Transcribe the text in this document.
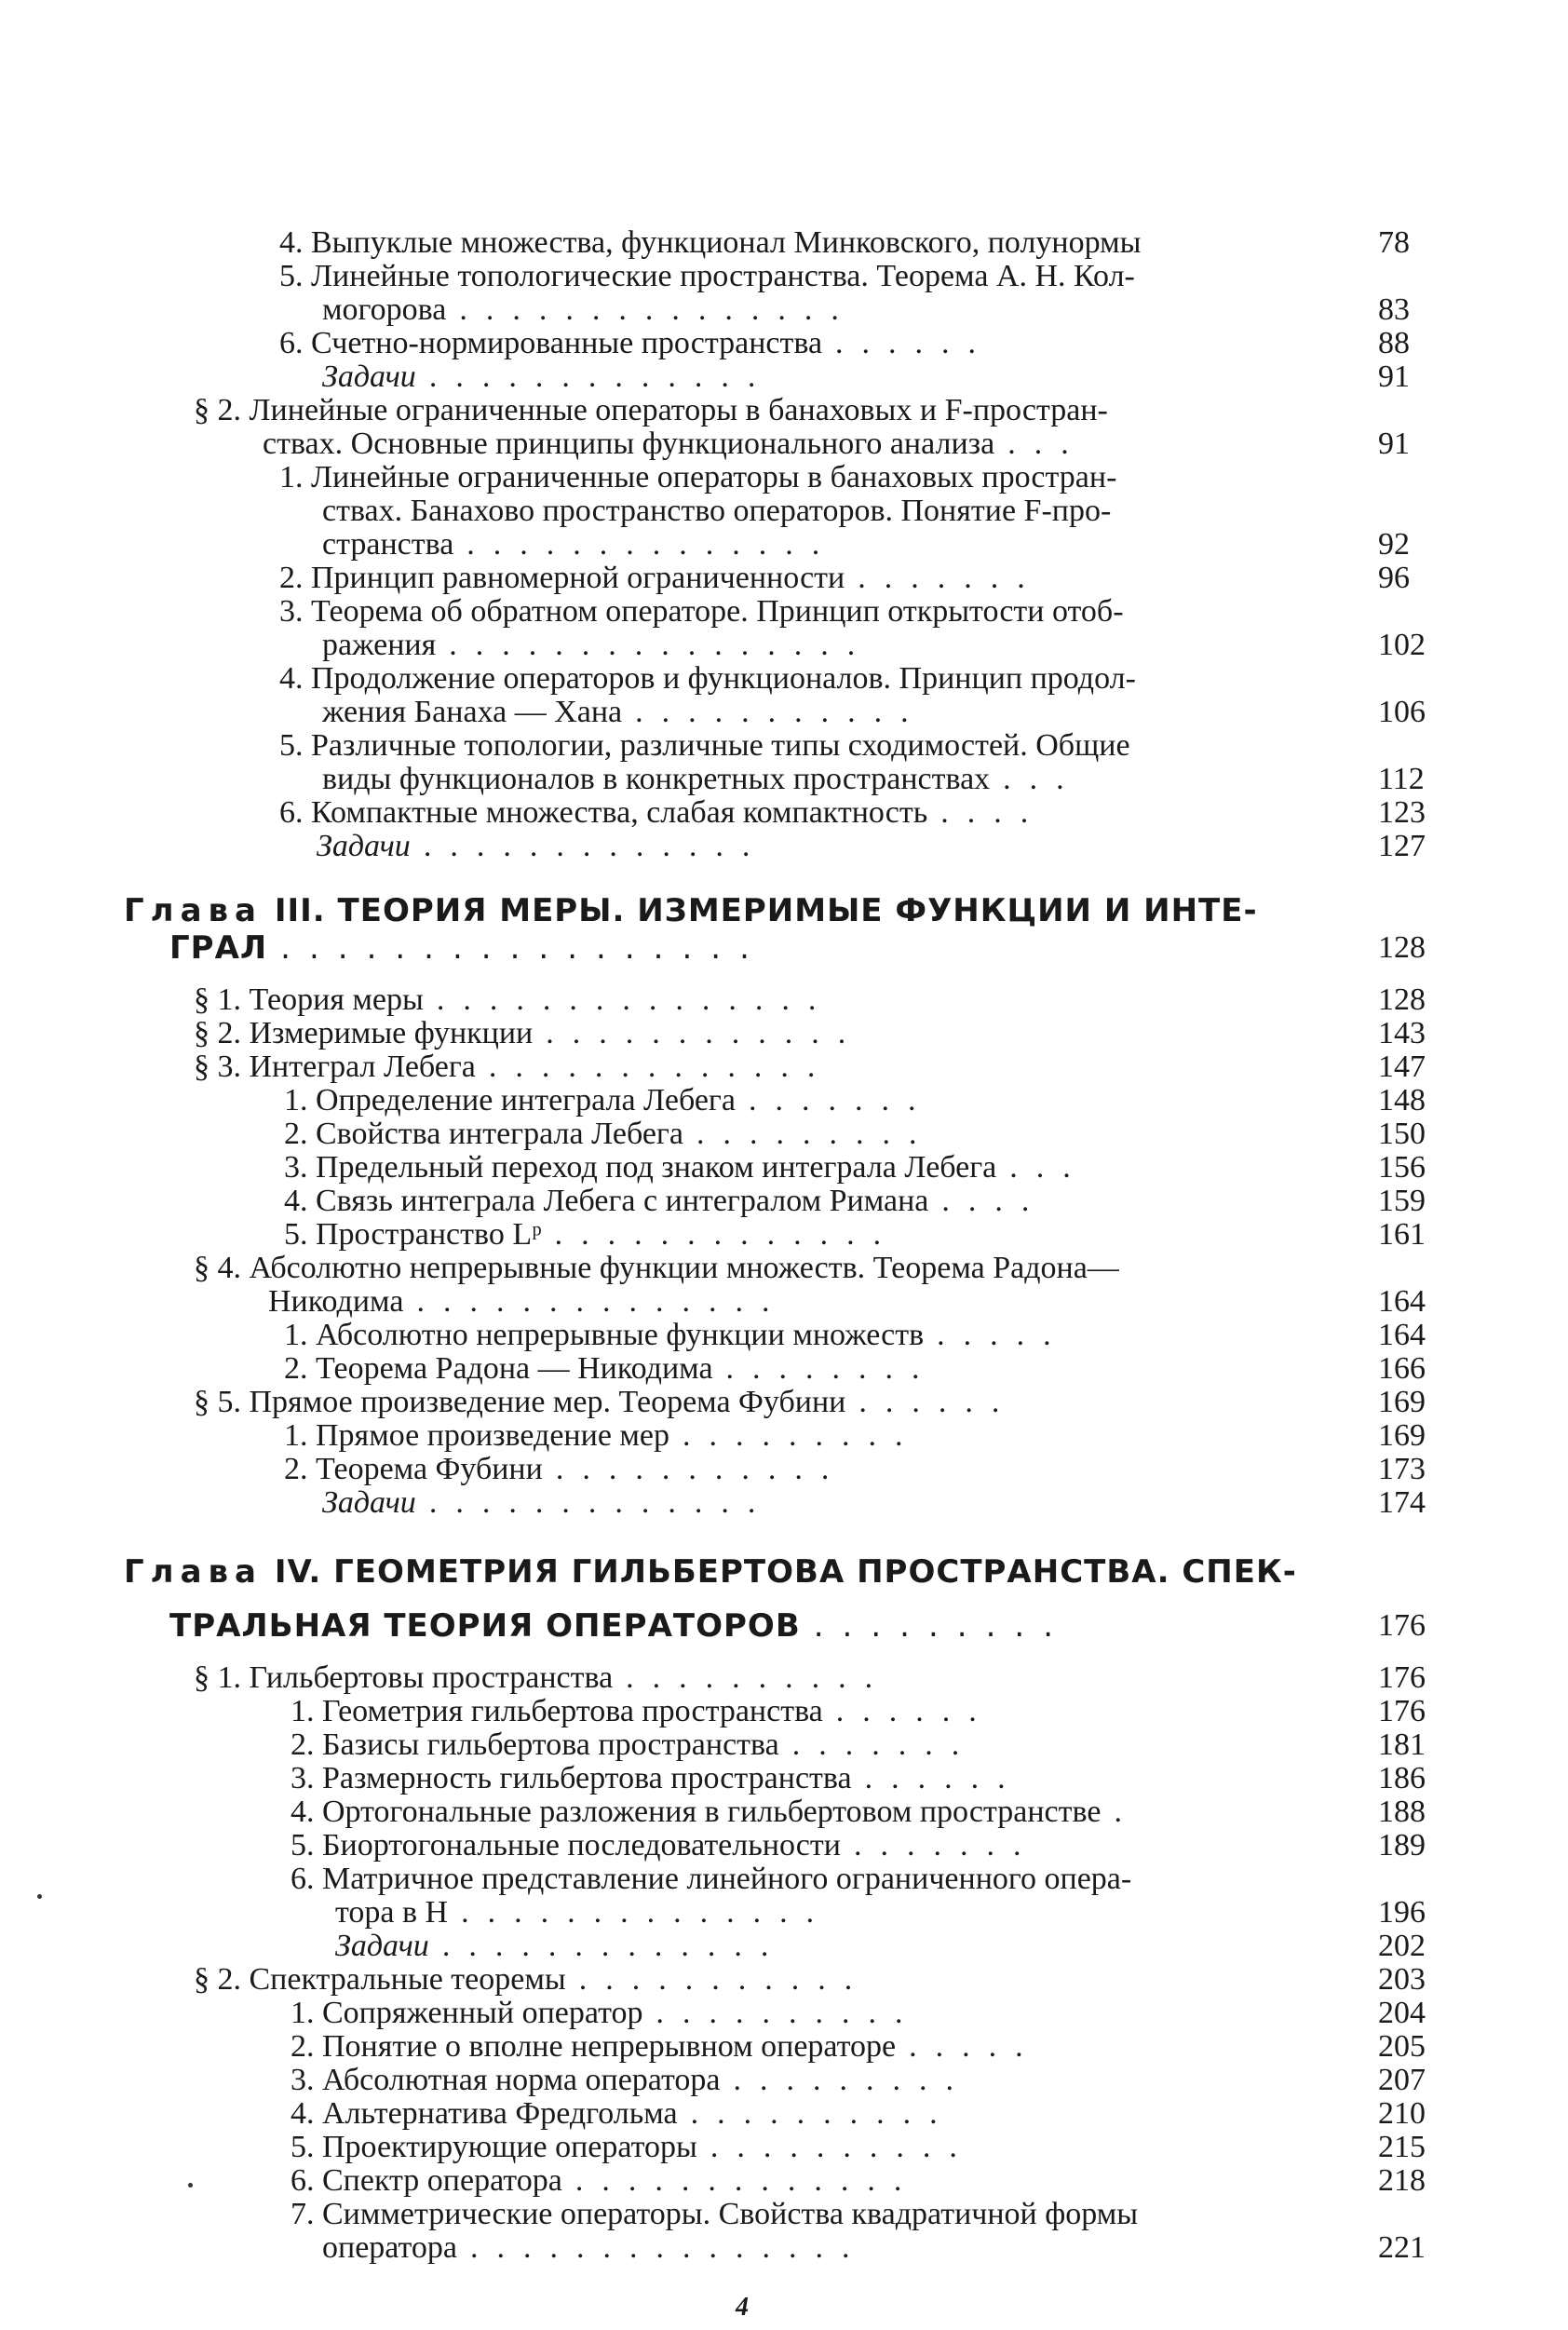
4. Выпуклые множества, функционал Минковского, полунормы	78
5. Линейные топологические пространства. Теорема А. Н. Кол-
могорова ...............	83
6. Счетно-нормированные пространства ......	88
Задачи .............	91
§ 2. Линейные ограниченные операторы в банаховых и F-простран-
ствах. Основные принципы функционального анализа ...	91
1. Линейные ограниченные операторы в банаховых простран-
ствах. Банахово пространство операторов. Понятие F-про-
странства ..............	92
2. Принцип равномерной ограниченности .......	96
3. Теорема об обратном операторе. Принцип открытости отоб-
ражения ................	102
4. Продолжение операторов и функционалов. Принцип продол-
жения Банаха — Хана ...........	106
5. Различные топологии, различные типы сходимостей. Общие
виды функционалов в конкретных пространствах ...	112
6. Компактные множества, слабая компактность ....	123
Задачи .............	127
Глава III. ТЕОРИЯ МЕРЫ. ИЗМЕРИМЫЕ ФУНКЦИИ И ИНТЕ-
ГРАЛ .................	128
§ 1. Теория меры ...............	128
§ 2. Измеримые функции ............	143
§ 3. Интеграл Лебега .............	147
1. Определение интеграла Лебега .......	148
2. Свойства интеграла Лебега .........	150
3. Предельный переход под знаком интеграла Лебега ...	156
4. Связь интеграла Лебега с интегралом Римана ....	159
5. Пространство Lᵖ .............	161
§ 4. Абсолютно непрерывные функции множеств. Теорема Радона—
Никодима ..............	164
1. Абсолютно непрерывные функции множеств .....	164
2. Теорема Радона — Никодима ........	166
§ 5. Прямое произведение мер. Теорема Фубини ......	169
1. Прямое произведение мер .........	169
2. Теорема Фубини ...........	173
Задачи .............	174
Глава IV. ГЕОМЕТРИЯ ГИЛЬБЕРТОВА ПРОСТРАНСТВА. СПЕК-
ТРАЛЬНАЯ ТЕОРИЯ ОПЕРАТОРОВ .........	176
§ 1. Гильбертовы пространства ..........	176
1. Геометрия гильбертова пространства ......	176
2. Базисы гильбертова пространства .......	181
3. Размерность гильбертова пространства ......	186
4. Ортогональные разложения в гильбертовом пространстве .	188
5. Биортогональные последовательности .......	189
6. Матричное представление линейного ограниченного опера-
тора в H ..............	196
Задачи .............	202
§ 2. Спектральные теоремы ...........	203
1. Сопряженный оператор ..........	204
2. Понятие о вполне непрерывном операторе .....	205
3. Абсолютная норма оператора .........	207
4. Альтернатива Фредгольма ..........	210
5. Проектирующие операторы ..........	215
6. Спектр оператора .............	218
7. Симметрические операторы. Свойства квадратичной формы
оператора ...............	221
4
